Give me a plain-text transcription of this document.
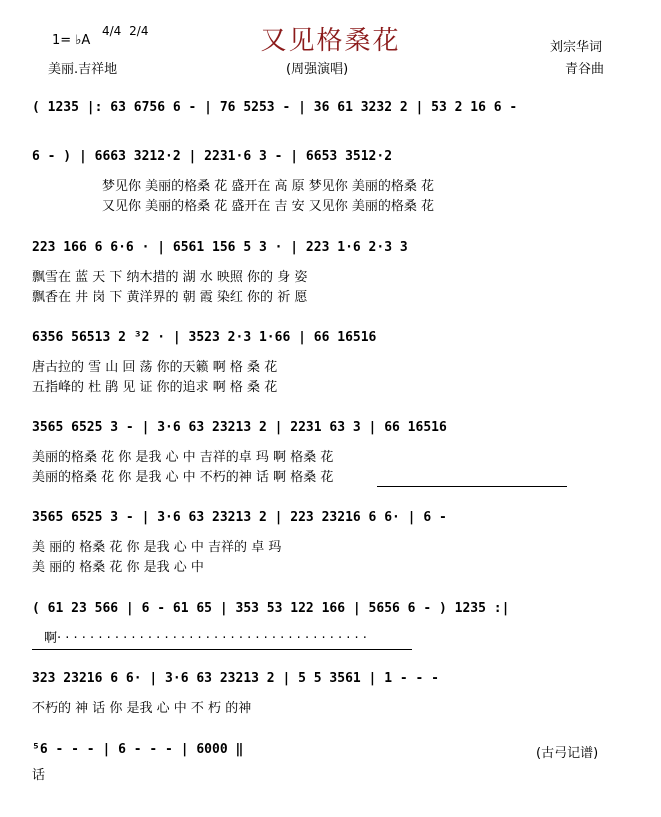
又见格桑花
1= ♭A
4/4 2/4
美丽.吉祥地	(周强演唱)
刘宗华词
青谷曲
( 1235 |: 63 6756 6 - | 76 5253 - | 36 61 3232 2 | 53 2 16 6 -
6 - ) | 6663 3212·2 | 2231·6 3 - | 6653 3512·2
梦见你 美丽的格桑 花 盛开在 高 原 梦见你 美丽的格桑 花
又见你 美丽的格桑 花 盛开在 吉 安 又见你 美丽的格桑 花
223 166 6 6·6 · | 6561 156 5 3 · | 223 1·6 2·3 3
飘雪在 蓝 天 下 纳木措的 湖 水 映照 你的 身 姿
飘香在 井 岗 下 黄洋界的 朝 霞 染红 你的 祈 愿
6356 56513 2 ³2 · | 3523 2·3 1·66 | 66 16516
唐古拉的 雪 山 回 荡 你的天籁 啊 格 桑 花
五指峰的 杜 鹃 见 证 你的追求 啊 格 桑 花
3565 6525 3 - | 3·6 63 23213 2 | 2231 63 3 | 66 16516
美丽的格桑 花 你 是我 心 中 吉祥的卓 玛 啊 格桑 花
美丽的格桑 花 你 是我 心 中 不朽的神 话 啊 格桑 花
3565 6525 3 - | 3·6 63 23213 2 | 223 23216 6 6· | 6 -
美 丽的 格桑 花 你 是我 心 中 吉祥的 卓 玛
美 丽的 格桑 花 你 是我 心 中
( 61 23 566 | 6 - 61 65 | 353 53 122 166 | 5656 6 - ) 1235 :|
啊· · · · · · · · · · · · · · · · · · · · · · · · · · · · · · · · · · · · · ·
323 23216 6 6· | 3·6 63 23213 2 | 5 5 3561 | 1 - - -
不朽的 神 话 你 是我 心 中 不 朽 的神
⁵6 - - - | 6 - - - | 6000 ‖
话
(古弓记谱)
